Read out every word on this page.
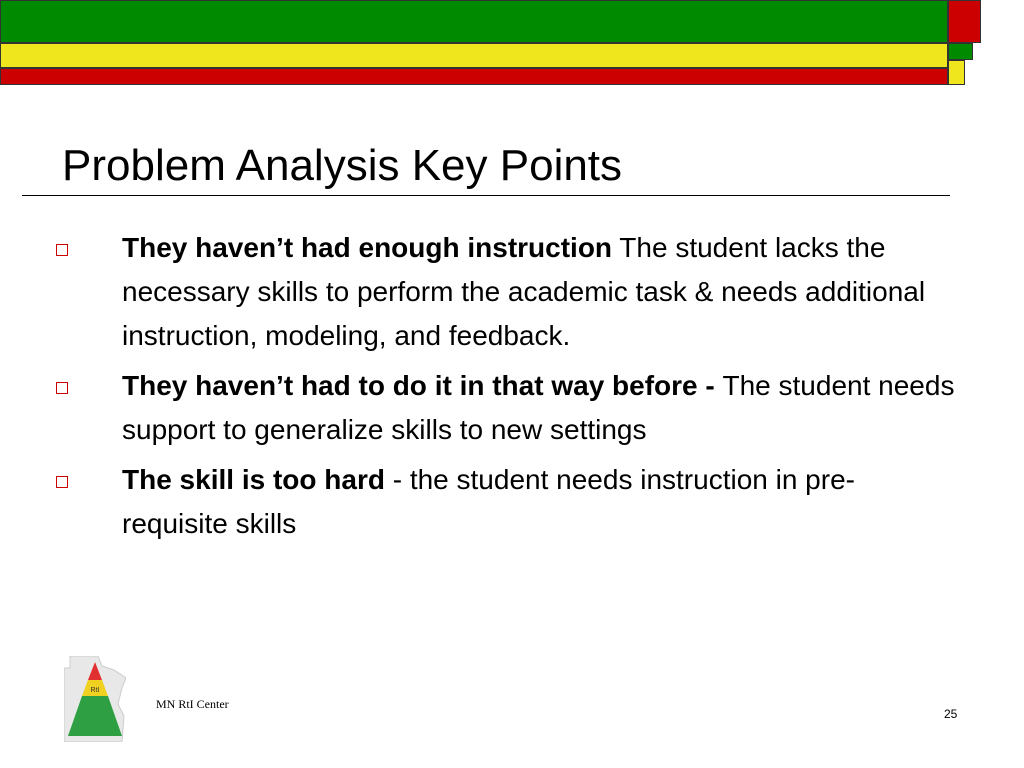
Problem Analysis Key Points
They haven’t had enough instruction The student lacks the necessary skills to perform the academic task & needs additional instruction, modeling, and feedback.
They haven’t had to do it in that way before - The student needs support to generalize skills to new settings
The skill is too hard - the student needs instruction in pre-requisite skills
RtI
MN RtI Center
25
